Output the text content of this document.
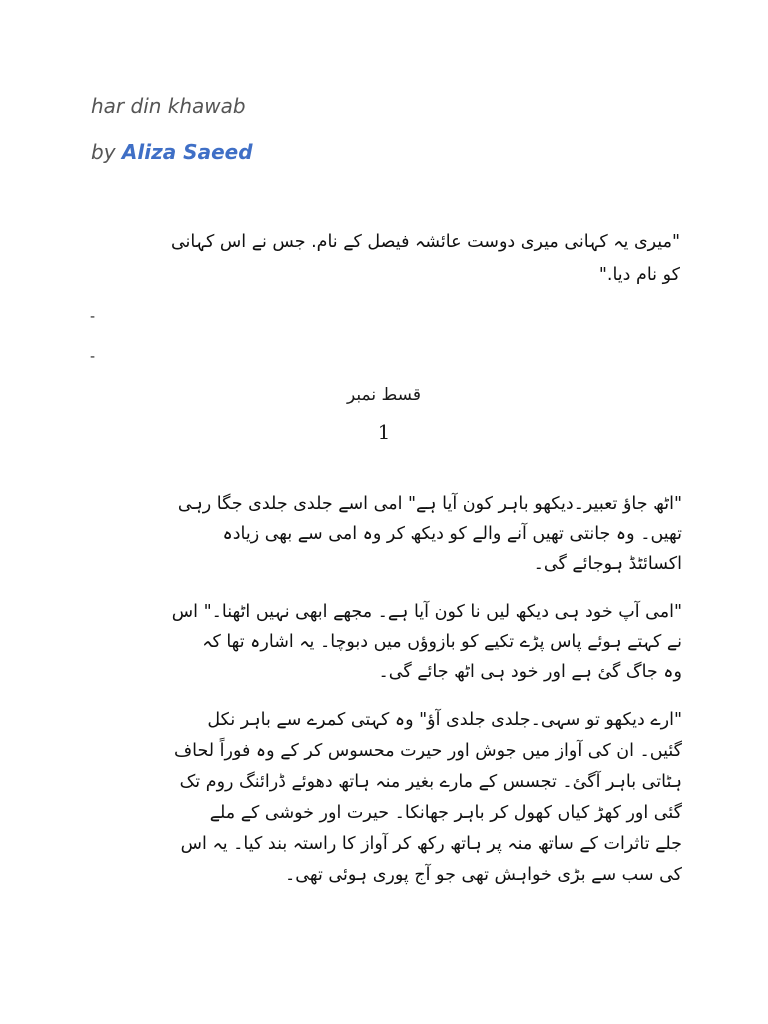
har din khawab
by Aliza Saeed
"میری یہ کہانی میری دوست عائشہ فیصل کے نام. جس نے اس کہانی
کو نام دیا."
-
-
قسط نمبر
1
"اٹھ جاؤ تعبیر۔دیکھو باہر کون آیا ہے" امی اسے جلدی جلدی جگا رہی
تھیں۔ وہ جانتی تھیں آنے والے کو دیکھ کر وہ امی سے بھی زیادہ
اکسائٹڈ ہوجائے گی۔
"امی آپ خود ہی دیکھ لیں نا کون آیا ہے۔ مجھے ابھی نہیں اٹھنا۔" اس
نے کہتے ہوئے پاس پڑے تکیے کو بازوؤں میں دبوچا۔ یہ اشارہ تھا کہ
وہ جاگ گئ ہے اور خود ہی اٹھ جائے گی۔
"ارے دیکھو تو سہی۔جلدی جلدی آؤ" وہ کہتی کمرے سے باہر نکل
گئیں۔ ان کی آواز میں جوش اور حیرت محسوس کر کے وہ فوراً لحاف
ہٹاتی باہر آگئ۔ تجسس کے مارے بغیر منہ ہاتھ دھوئے ڈرائنگ روم تک
گئی اور کھڑ کیاں کھول کر باہر جھانکا۔ حیرت اور خوشی کے ملے
جلے تاثرات کے ساتھ منہ پر ہاتھ رکھ کر آواز کا راستہ بند کیا۔ یہ اس
کی سب سے بڑی خواہش تھی جو آج پوری ہوئی تھی۔
